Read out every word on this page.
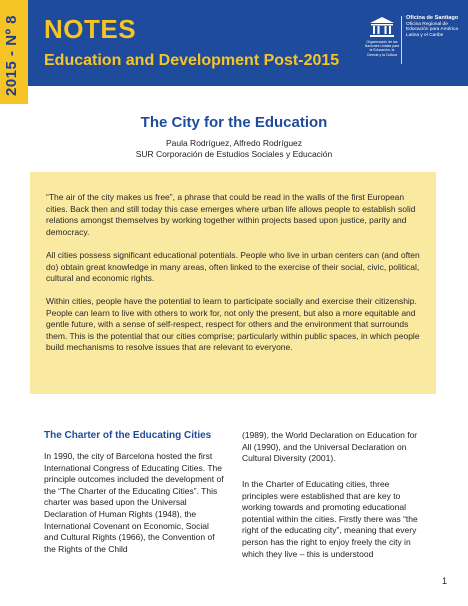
2015 - Nº 8 NOTES
Education and Development Post-2015
Organización de las Naciones Unidas para la Educación, la Ciencia y la Cultura
Oficina de Santiago
Oficina Regional de Educación para América Latina y el Caribe
The City for the Education
Paula Rodríguez, Alfredo Rodríguez
SUR Corporación de Estudios Sociales y Educación

“The air of the city makes us free”, a phrase that could be read in the walls of the first European cities. Back then and still today this case emerges where urban life allows people to establish solid relations amongst themselves by working together within projects based upon justice, parity and democracy.

All cities possess significant educational potentials. People who live in urban centers can (and often do) obtain great knowledge in many areas, often linked to the exercise of their social, civic, political, cultural and economic rights.

Within cities, people have the potential to learn to participate socially and exercise their citizenship. People can learn to live with others to work for, not only the present, but also a more equitable and gentle future, with a sense of self-respect, respect for others and the environment that surrounds them. This is the potential that our cities comprise; particularly within public spaces, in which people build mechanisms to resolve issues that are relevant to everyone.

The Charter of the Educating Cities

In 1990, the city of Barcelona hosted the first International Congress of Educating Cities. The principle outcomes included the development of the “The Charter of the Educating Cities”. This charter was based upon the Universal Declaration of Human Rights (1948), the International Covenant on Economic, Social and Cultural Rights (1966), the Convention of the Rights of the Child

(1989), the World Declaration on Education for All (1990), and the Universal Declaration on Cultural Diversity (2001).

In the Charter of Educating cities, three principles were established that are key to working towards and promoting educational potential within the cities. Firstly there was “the right of the educating city”, meaning that every person has the right to enjoy freely the city in which they live – this is understood

1
